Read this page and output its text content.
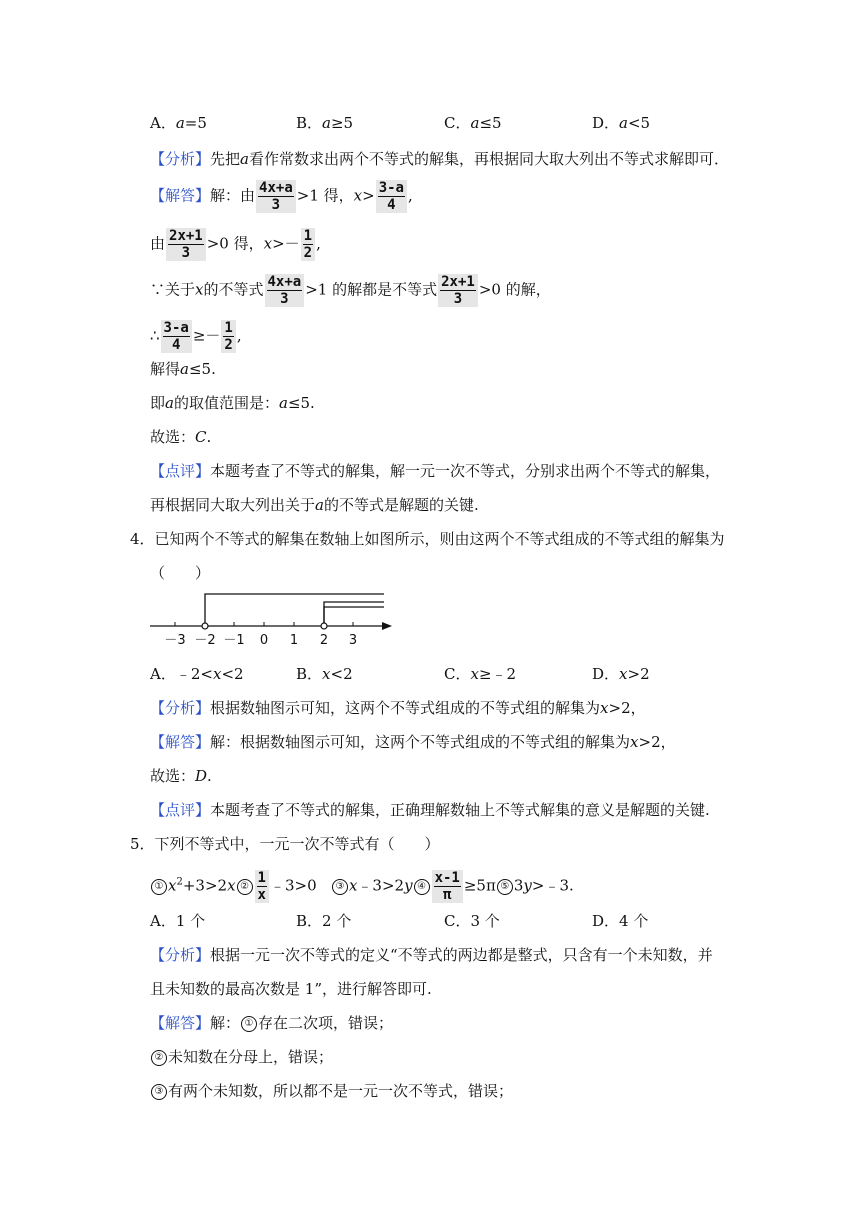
A．a=5	B．a≥5	C．a≤5	D．a<5
【分析】先把a看作常数求出两个不等式的解集，再根据同大取大列出不等式求解即可．
【解答】解：由 $\frac{4x+a}{3} >1$ 得，$x> \frac{3-a}{4}$ ,
由 $\frac{2x+1}{3} >0$ 得，$x>- \frac{1}{2}$ ,
∵关于x的不等式 $\frac{4x+a}{3} >1$ 的解都是不等式 $\frac{2x+1}{3} >0$ 的解，
∴ $\frac{3-a}{4} \ge- \frac{1}{2}$ ,
解得a≤5.
即a的取值范围是：a≤5.
故选：C.
【点评】本题考查了不等式的解集，解一元一次不等式，分别求出两个不等式的解集，
再根据同大取大列出关于a的不等式是解题的关键.
4．已知两个不等式的解集在数轴上如图所示，则由这两个不等式组成的不等式组的解集为
（　　）
－3 －2 －1 0 1 2 3
A．﹣2<x<2	B．x<2	C．x≥﹣2	D．x>2
【分析】根据数轴图示可知，这两个不等式组成的不等式组的解集为x>2，
【解答】解：根据数轴图示可知，这两个不等式组成的不等式组的解集为x>2，
故选：D.
【点评】本题考查了不等式的解集，正确理解数轴上不等式解集的意义是解题的关键.
5．下列不等式中，一元一次不等式有（　　）
① $x^2+3>2x$ ② $\frac{1}{x}$ ﹣3>0 ③ x﹣3>2y ④ $\frac{x-1}{\pi} \ge 5\pi$ ⑤ 3y>﹣3.
A．1 个	B．2 个	C．3 个	D．4 个
【分析】根据一元一次不等式的定义“不等式的两边都是整式，只含有一个未知数，并
且未知数的最高次数是 1”，进行解答即可.
【解答】解： ① 存在二次项，错误；
② 未知数在分母上，错误；
③ 有两个未知数，所以都不是一元一次不等式，错误；
